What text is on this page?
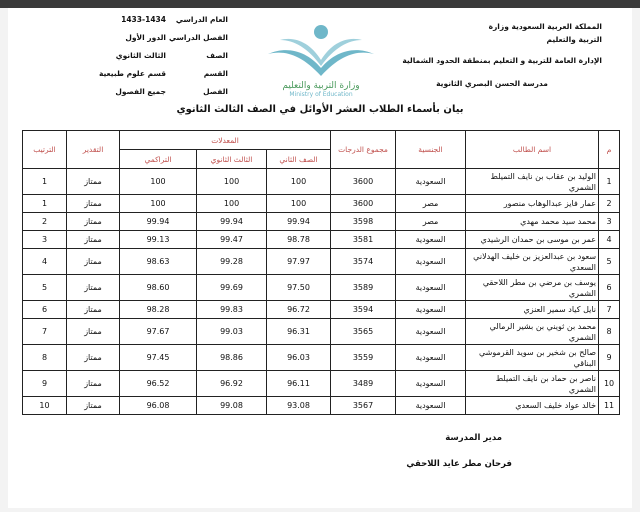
المملكة العربية السعودية وزارة
التربية والتعليم
الإدارة العامة للتربية و التعليم بمنطقة الحدود الشمالية
مدرسة الحسن البصري الثانوية
وزارة التربية والتعليم
Ministry of Education
العام الدراسي
1433-1434
الفصل الدراسي
الدور الأول
الصف
الثالث الثانوي
القسم
قسم علوم طبيعية
الفصل
جميع الفصول
بيان بأسماء الطلاب العشر الأوائل في الصف الثالث الثانوي
م	اسم الطالب	الجنسية	مجموع الدرجات	المعدلات			التقدير	الترتيب
				الصف الثاني	الثالث الثانوي	التراكمي		
1	الوليد بن عقاب بن نايف التميلط الشمري	السعودية	3600	100	100	100	ممتاز	1
2	عمار فايز عبدالوهاب منصور	مصر	3600	100	100	100	ممتاز	1
3	محمد سيد محمد مهدي	مصر	3598	99.94	99.94	99.94	ممتاز	2
4	عمر بن موسى بن حمدان الرشيدي	السعودية	3581	98.78	99.47	99.13	ممتاز	3
5	سعود بن عبدالعزيز بن خليف الهدلاني السعدي	السعودية	3574	97.97	99.28	98.63	ممتاز	4
6	يوسف بن مرضي بن مطر اللاحقي الشمري	السعودية	3589	97.50	99.69	98.60	ممتاز	5
7	نايل كياد سمير العنزي	السعودية	3594	96.72	99.83	98.28	ممتاز	6
8	محمد بن ثويني بن بشير الرمالي الشمري	السعودية	3565	96.31	99.03	97.67	ممتاز	7
9	صالح بن شخير بن سويد القرموشي البناقي	السعودية	3559	96.03	98.86	97.45	ممتاز	8
10	ناصر بن حماد بن نايف التميلط الشمري	السعودية	3489	96.11	96.92	96.52	ممتاز	9
11	خالد عواد خليف السعدي	السعودية	3567	93.08	99.08	96.08	ممتاز	10
مدير المدرسة
فرحان مطر عايد اللاحقي
